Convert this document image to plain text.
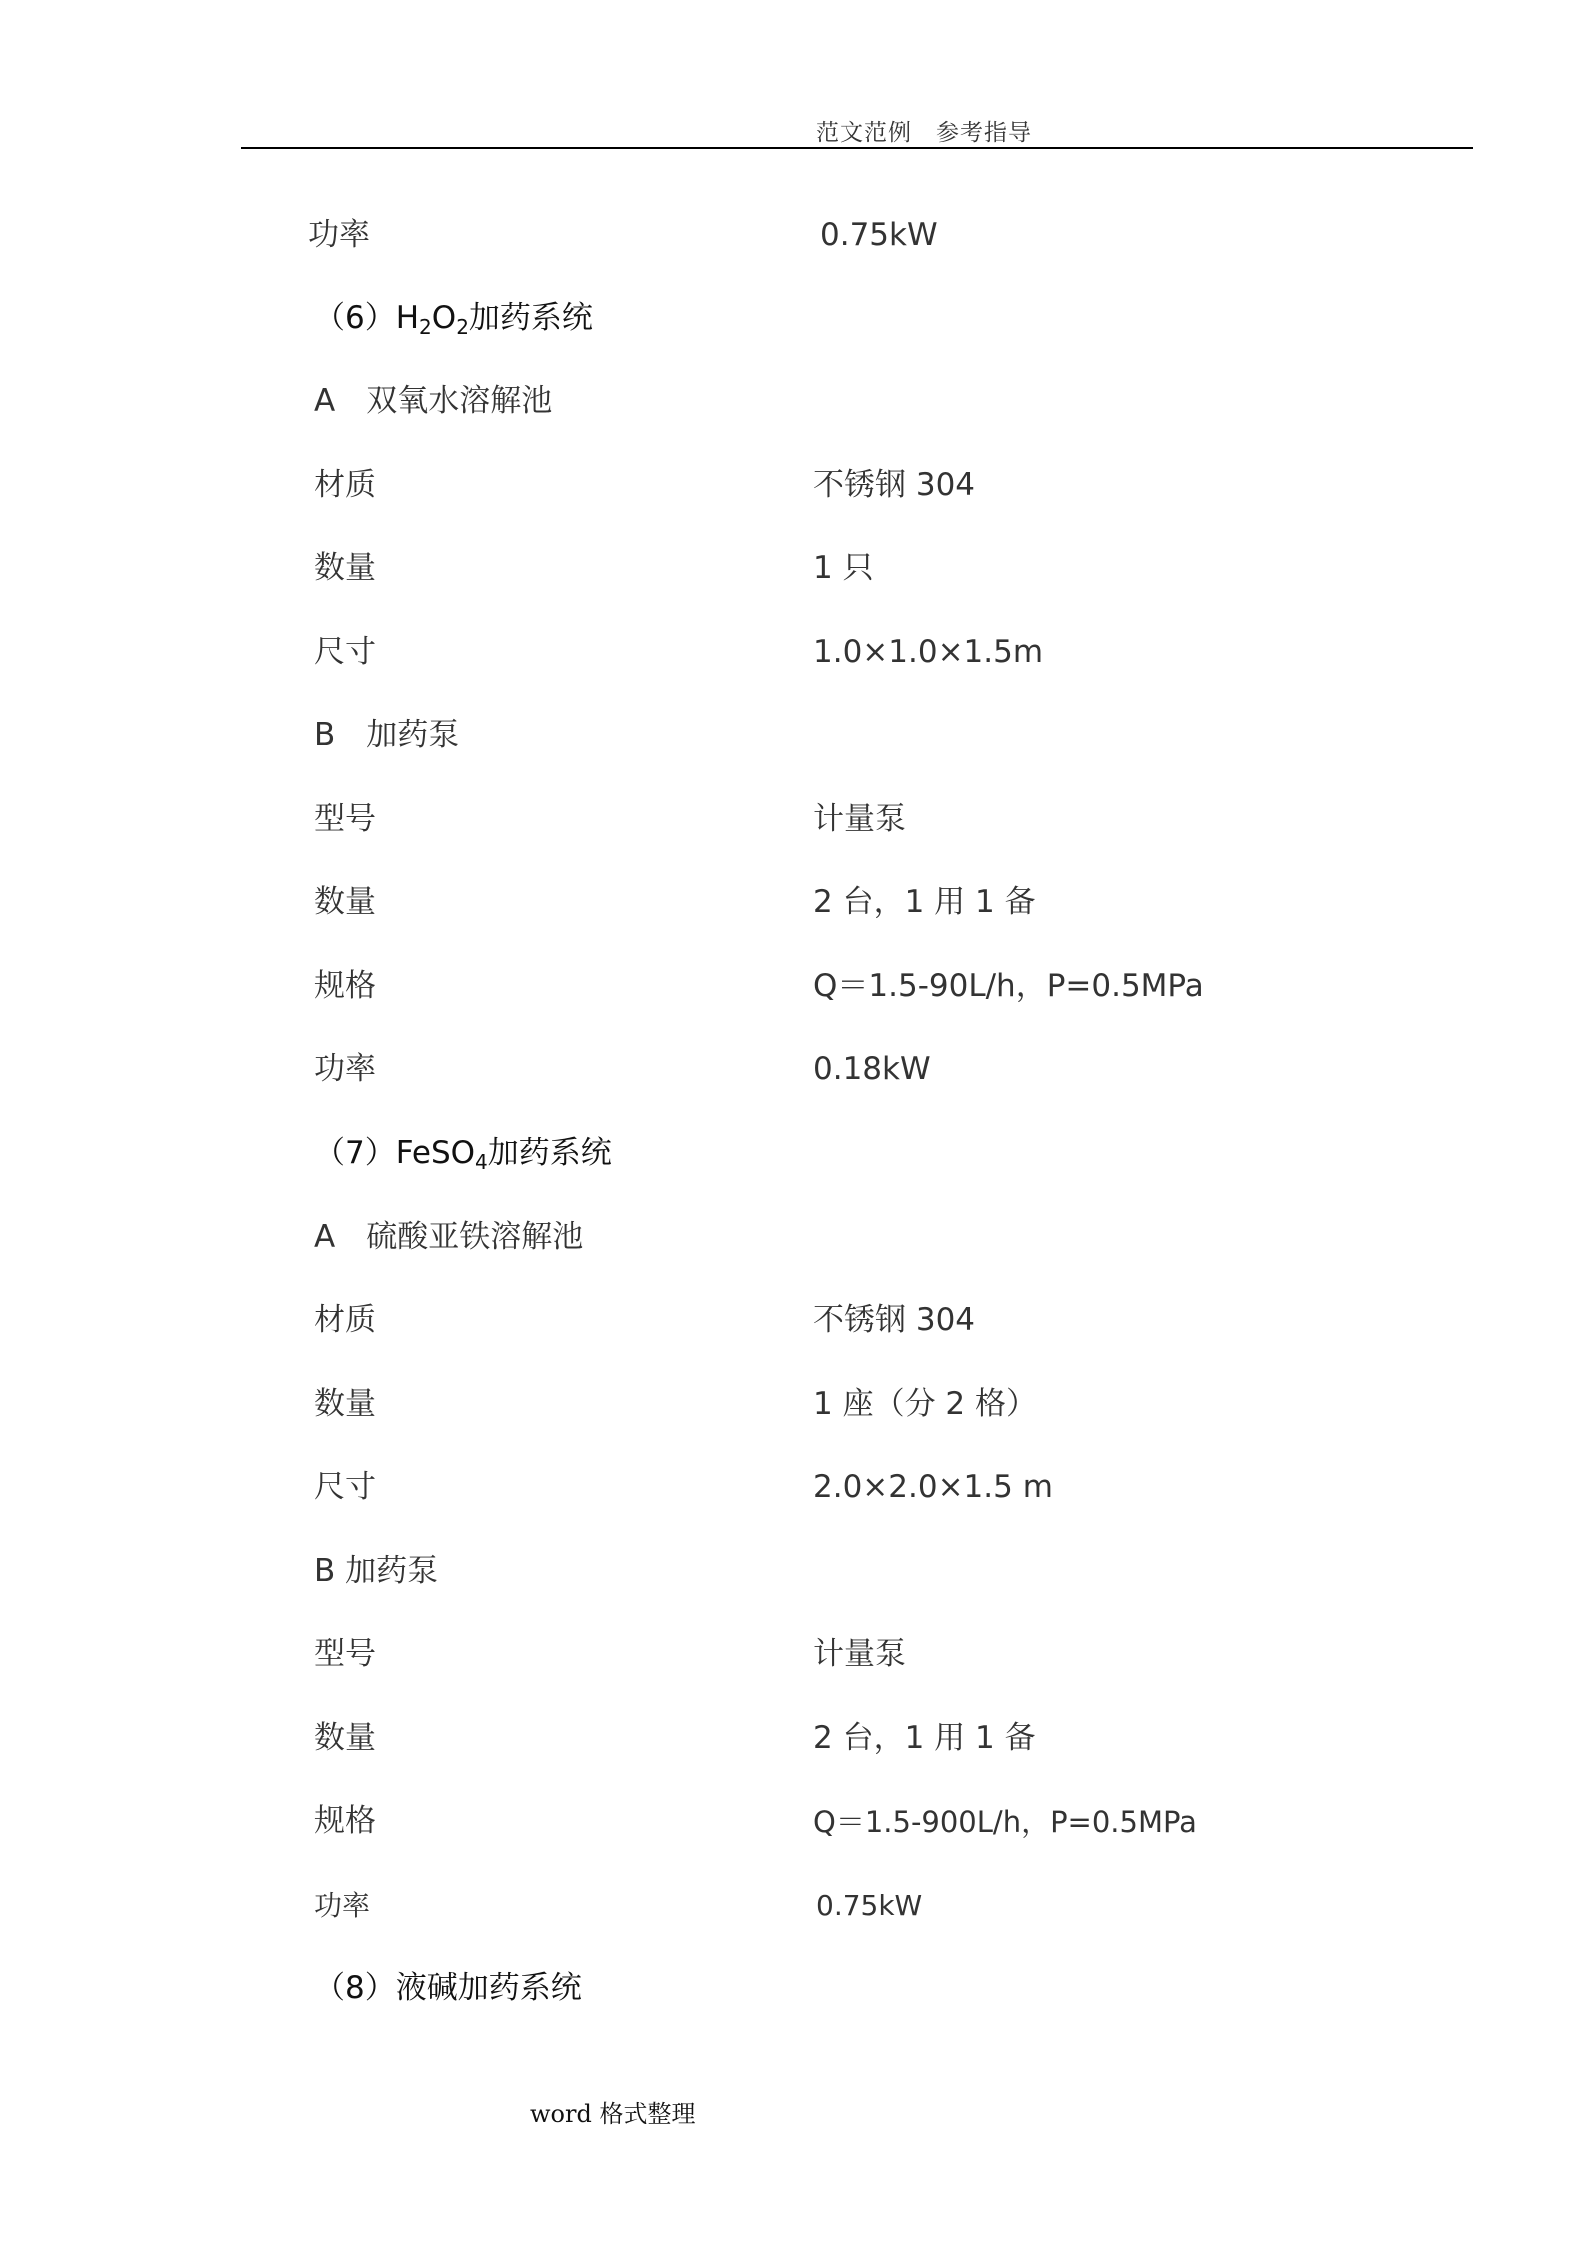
范文范例　参考指导
功率	0.75kW
$(6)H_2O_2$加药系统
A　双氧水溶解池
材质	不锈钢 304
数量	1 只
尺寸	1.0×1.0×1.5m
B　加药泵
型号	计量泵
数量	2 台，1 用 1 备
规格	Q＝1.5-90L/h，P=0.5MPa
功率	0.18kW
（7）FeSO$_4$加药系统
A　硫酸亚铁溶解池
材质	不锈钢 304
数量	1 座（分 2 格）
尺寸	2.0×2.0×1.5 m
B 加药泵
型号	计量泵
数量	2 台，1 用 1 备
规格	Q＝1.5-900L/h，P=0.5MPa
功率	0.75kW
（8）液碱加药系统
word 格式整理
